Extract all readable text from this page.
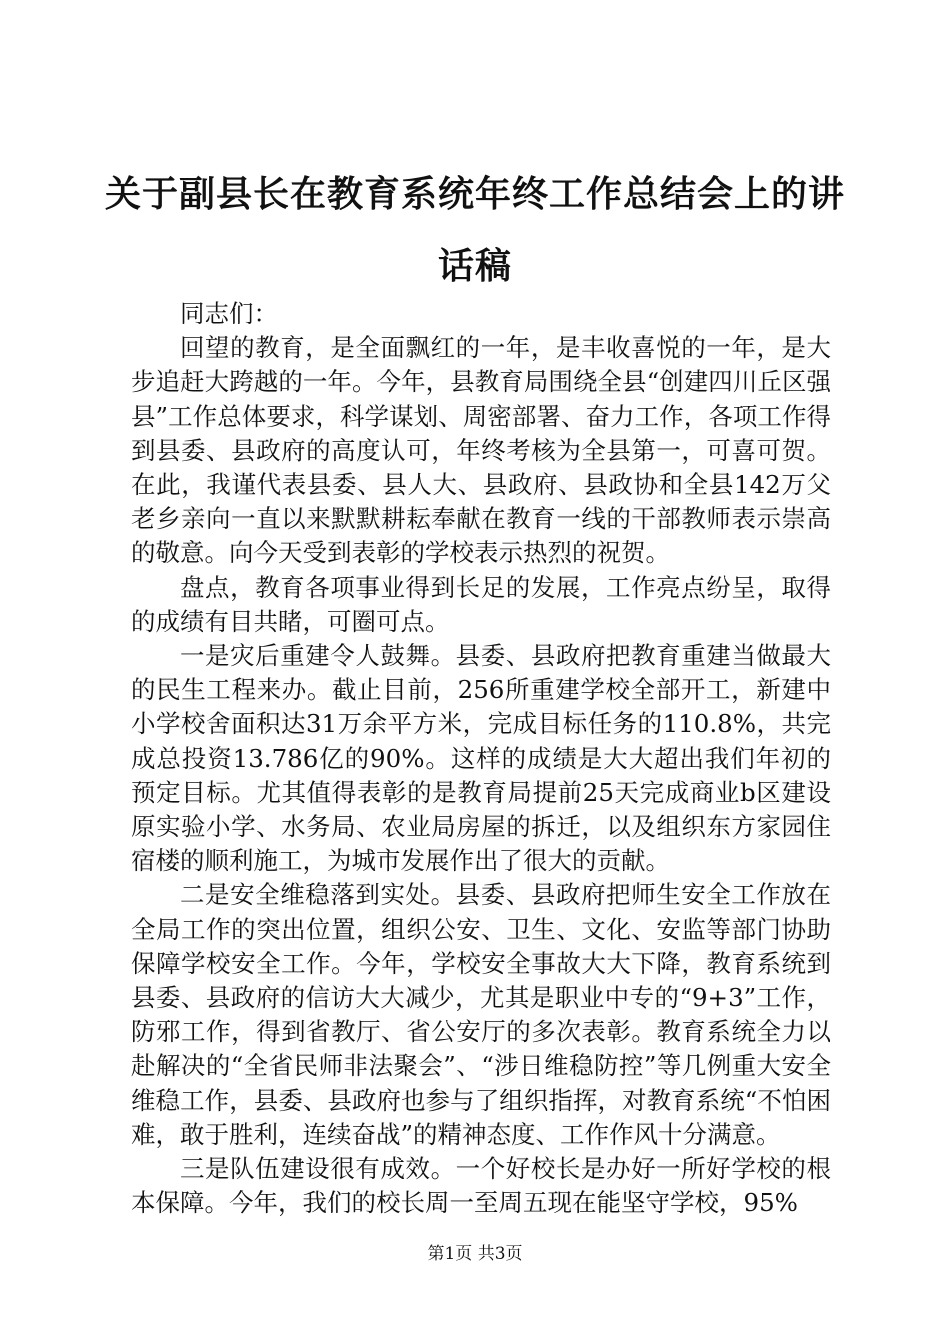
关于副县长在教育系统年终工作总结会上的讲话稿

同志们：

回望的教育，是全面飘红的一年，是丰收喜悦的一年，是大步追赶大跨越的一年。今年，县教育局围绕全县“创建四川丘区强县”工作总体要求，科学谋划、周密部署、奋力工作，各项工作得到县委、县政府的高度认可，年终考核为全县第一，可喜可贺。在此，我谨代表县委、县人大、县政府、县政协和全县142万父老乡亲向一直以来默默耕耘奉献在教育一线的干部教师表示崇高的敬意。向今天受到表彰的学校表示热烈的祝贺。

盘点，教育各项事业得到长足的发展，工作亮点纷呈，取得的成绩有目共睹，可圈可点。

一是灾后重建令人鼓舞。县委、县政府把教育重建当做最大的民生工程来办。截止目前，256所重建学校全部开工，新建中小学校舍面积达31万余平方米，完成目标任务的110.8%，共完成总投资13.786亿的90%。这样的成绩是大大超出我们年初的预定目标。尤其值得表彰的是教育局提前25天完成商业b区建设原实验小学、水务局、农业局房屋的拆迁，以及组织东方家园住宿楼的顺利施工，为城市发展作出了很大的贡献。

二是安全维稳落到实处。县委、县政府把师生安全工作放在全局工作的突出位置，组织公安、卫生、文化、安监等部门协助保障学校安全工作。今年，学校安全事故大大下降，教育系统到县委、县政府的信访大大减少，尤其是职业中专的“9+3”工作，防邪工作，得到省教厅、省公安厅的多次表彰。教育系统全力以赴解决的“全省民师非法聚会”、“涉日维稳防控”等几例重大安全维稳工作，县委、县政府也参与了组织指挥，对教育系统“不怕困难，敢于胜利，连续奋战”的精神态度、工作作风十分满意。

三是队伍建设很有成效。一个好校长是办好一所好学校的根本保障。今年，我们的校长周一至周五现在能坚守学校，95%

第1页 共3页
